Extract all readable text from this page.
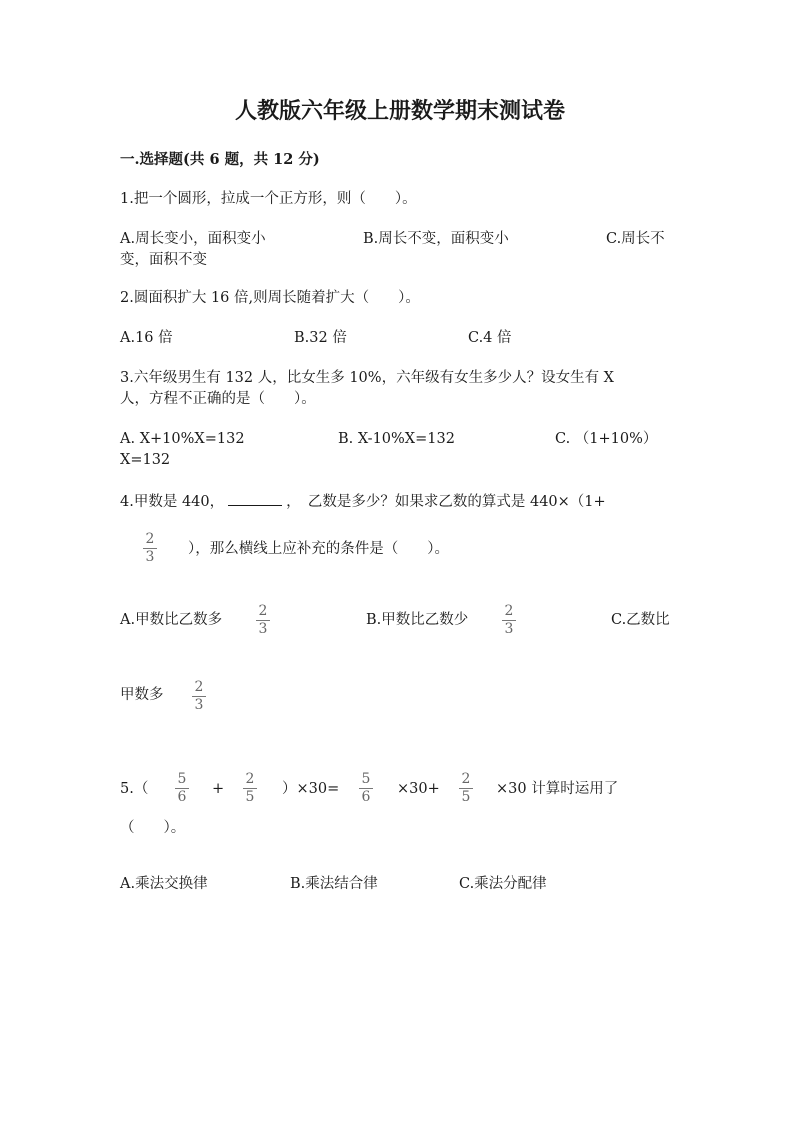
人教版六年级上册数学期末测试卷
一.选择题(共 6 题，共 12 分)
1.把一个圆形，拉成一个正方形，则（　　）。
A.周长变小，面积变小	B.周长不变，面积变小	C.周长不
变，面积不变
2.圆面积扩大 16 倍,则周长随着扩大（　　）。
A.16 倍	B.32 倍	C.4 倍
3.六年级男生有 132 人，比女生多 10%，六年级有女生多少人？设女生有 X
人，方程不正确的是（　　）。
A. X+10%X=132	B. X-10%X=132	C. （1+10%）
X=132
4.甲数是 440，	，　乙数是多少？如果求乙数的算式是 440×（1+
2
3 ），那么横线上应补充的条件是（　　）。
A.甲数比乙数多
2
3
B.甲数比乙数少
2
3
C.乙数比
甲数多 2
3
5.（
5
6 +
2
5 ）×30=
5
6 ×30+
2
5 ×30 计算时运用了
（　　）。
A.乘法交换律	B.乘法结合律	C.乘法分配律
